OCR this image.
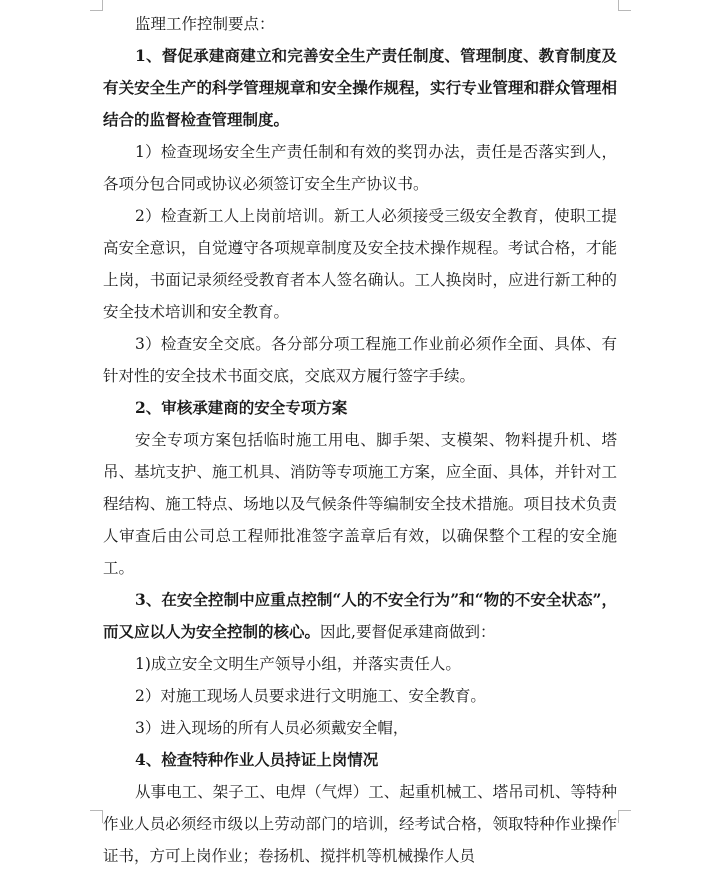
监理工作控制要点：

1、督促承建商建立和完善安全生产责任制度、管理制度、教育制度及有关安全生产的科学管理规章和安全操作规程，实行专业管理和群众管理相结合的监督检查管理制度。

1）检查现场安全生产责任制和有效的奖罚办法，责任是否落实到人，各项分包合同或协议必须签订安全生产协议书。

2）检查新工人上岗前培训。新工人必须接受三级安全教育，使职工提高安全意识，自觉遵守各项规章制度及安全技术操作规程。考试合格，才能上岗，书面记录须经受教育者本人签名确认。工人换岗时，应进行新工种的安全技术培训和安全教育。

3）检查安全交底。各分部分项工程施工作业前必须作全面、具体、有针对性的安全技术书面交底，交底双方履行签字手续。

2、审核承建商的安全专项方案

安全专项方案包括临时施工用电、脚手架、支模架、物料提升机、塔吊、基坑支护、施工机具、消防等专项施工方案，应全面、具体，并针对工程结构、施工特点、场地以及气候条件等编制安全技术措施。项目技术负责人审查后由公司总工程师批准签字盖章后有效，以确保整个工程的安全施工。

3、在安全控制中应重点控制“人的不安全行为”和“物的不安全状态”，而又应以人为安全控制的核心。因此,要督促承建商做到：

1)成立安全文明生产领导小组，并落实责任人。

2）对施工现场人员要求进行文明施工、安全教育。

3）进入现场的所有人员必须戴安全帽，

4、检查特种作业人员持证上岗情况

从事电工、架子工、电焊（气焊）工、起重机械工、塔吊司机、等特种作业人员必须经市级以上劳动部门的培训，经考试合格，领取特种作业操作证书，方可上岗作业；卷扬机、搅拌机等机械操作人员
